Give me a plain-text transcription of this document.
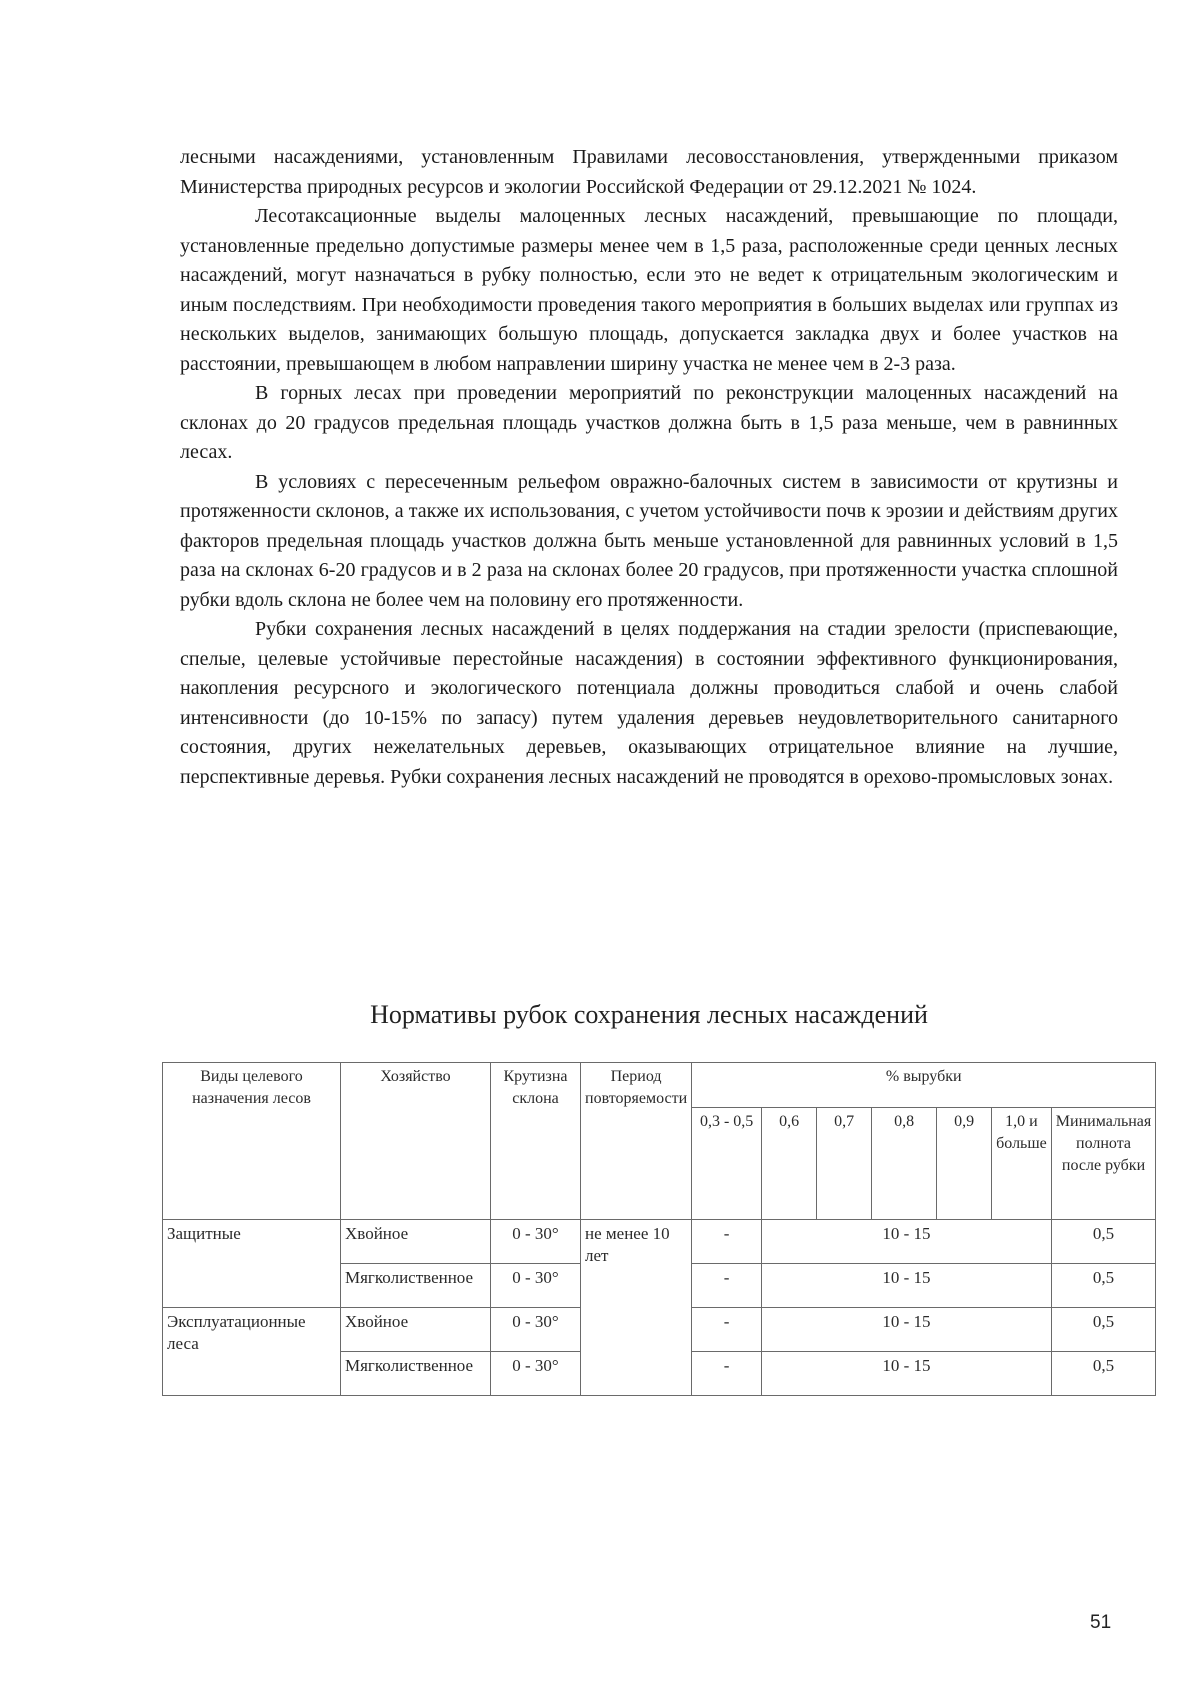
лесными насаждениями, установленным Правилами лесовосстановления, утвержденными приказом Министерства природных ресурсов и экологии Российской Федерации от 29.12.2021 № 1024.

Лесотаксационные выделы малоценных лесных насаждений, превышающие по площади, установленные предельно допустимые размеры менее чем в 1,5 раза, расположенные среди ценных лесных насаждений, могут назначаться в рубку полностью, если это не ведет к отрицательным экологическим и иным последствиям. При необходимости проведения такого мероприятия в больших выделах или группах из нескольких выделов, занимающих большую площадь, допускается закладка двух и более участков на расстоянии, превышающем в любом направлении ширину участка не менее чем в 2-3 раза.

В горных лесах при проведении мероприятий по реконструкции малоценных насаждений на склонах до 20 градусов предельная площадь участков должна быть в 1,5 раза меньше, чем в равнинных лесах.

В условиях с пересеченным рельефом овражно-балочных систем в зависимости от крутизны и протяженности склонов, а также их использования, с учетом устойчивости почв к эрозии и действиям других факторов предельная площадь участков должна быть меньше установленной для равнинных условий в 1,5 раза на склонах 6-20 градусов и в 2 раза на склонах более 20 градусов, при протяженности участка сплошной рубки вдоль склона не более чем на половину его протяженности.

Рубки сохранения лесных насаждений в целях поддержания на стадии зрелости (приспевающие, спелые, целевые устойчивые перестойные насаждения) в состоянии эффективного функционирования, накопления ресурсного и экологического потенциала должны проводиться слабой и очень слабой интенсивности (до 10-15% по запасу) путем удаления деревьев неудовлетворительного санитарного состояния, других нежелательных деревьев, оказывающих отрицательное влияние на лучшие, перспективные деревья. Рубки сохранения лесных насаждений не проводятся в орехово-промысловых зонах.

Нормативы рубок сохранения лесных насаждений
Виды целевого назначения лесов	Хозяйство	Крутизна склона	Период повторяемости	% вырубки						
				0,3 - 0,5	0,6	0,7	0,8	0,9	1,0 и больше	Минимальная полнота после рубки
Защитные	Хвойное	0 - 30°	не менее 10 лет	-	10 - 15					0,5
	Мягколиственное	0 - 30°		-	10 - 15					0,5
Эксплуатационные леса	Хвойное	0 - 30°		-	10 - 15					0,5
	Мягколиственное	0 - 30°		-	10 - 15					0,5
51
